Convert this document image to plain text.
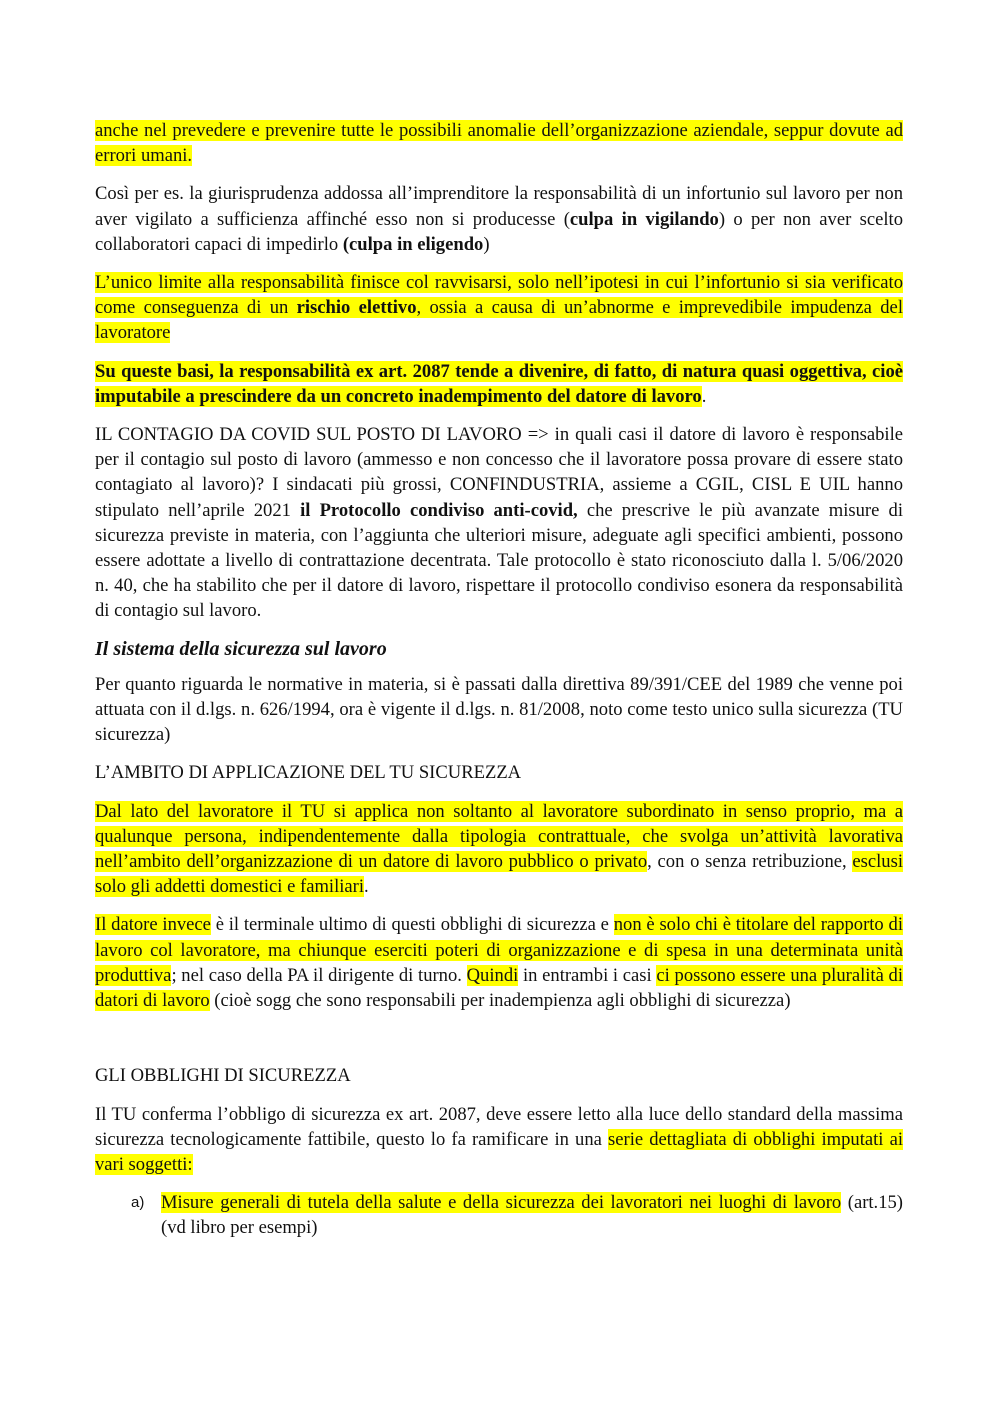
anche nel prevedere e prevenire tutte le possibili anomalie dell’organizzazione aziendale, seppur dovute ad errori umani.

Così per es. la giurisprudenza addossa all’imprenditore la responsabilità di un infortunio sul lavoro per non aver vigilato a sufficienza affinché esso non si producesse (culpa in vigilando) o per non aver scelto collaboratori capaci di impedirlo (culpa in eligendo)

L’unico limite alla responsabilità finisce col ravvisarsi, solo nell’ipotesi in cui l’infortunio si sia verificato come conseguenza di un rischio elettivo, ossia a causa di un’abnorme e imprevedibile impudenza del lavoratore

Su queste basi, la responsabilità ex art. 2087 tende a divenire, di fatto, di natura quasi oggettiva, cioè imputabile a prescindere da un concreto inadempimento del datore di lavoro.

IL CONTAGIO DA COVID SUL POSTO DI LAVORO => in quali casi il datore di lavoro è responsabile per il contagio sul posto di lavoro (ammesso e non concesso che il lavoratore possa provare di essere stato contagiato al lavoro)? I sindacati più grossi, CONFINDUSTRIA, assieme a CGIL, CISL E UIL hanno stipulato nell’aprile 2021 il Protocollo condiviso anti-covid, che prescrive le più avanzate misure di sicurezza previste in materia, con l’aggiunta che ulteriori misure, adeguate agli specifici ambienti, possono essere adottate a livello di contrattazione decentrata. Tale protocollo è stato riconosciuto dalla l. 5/06/2020 n. 40, che ha stabilito che per il datore di lavoro, rispettare il protocollo condiviso esonera da responsabilità di contagio sul lavoro.

Il sistema della sicurezza sul lavoro

Per quanto riguarda le normative in materia, si è passati dalla direttiva 89/391/CEE del 1989 che venne poi attuata con il d.lgs. n. 626/1994, ora è vigente il d.lgs. n. 81/2008, noto come testo unico sulla sicurezza (TU sicurezza)

L’AMBITO DI APPLICAZIONE DEL TU SICUREZZA

Dal lato del lavoratore il TU si applica non soltanto al lavoratore subordinato in senso proprio, ma a qualunque persona, indipendentemente dalla tipologia contrattuale, che svolga un’attività lavorativa nell’ambito dell’organizzazione di un datore di lavoro pubblico o privato, con o senza retribuzione, esclusi solo gli addetti domestici e familiari.

Il datore invece è il terminale ultimo di questi obblighi di sicurezza e non è solo chi è titolare del rapporto di lavoro col lavoratore, ma chiunque eserciti poteri di organizzazione e di spesa in una determinata unità produttiva; nel caso della PA il dirigente di turno. Quindi in entrambi i casi ci possono essere una pluralità di datori di lavoro (cioè sogg che sono responsabili per inadempienza agli obblighi di sicurezza)

GLI OBBLIGHI DI SICUREZZA

Il TU conferma l’obbligo di sicurezza ex art. 2087, deve essere letto alla luce dello standard della massima sicurezza tecnologicamente fattibile, questo lo fa ramificare in una serie dettagliata di obblighi imputati ai vari soggetti:

a) Misure generali di tutela della salute e della sicurezza dei lavoratori nei luoghi di lavoro (art.15) (vd libro per esempi)
